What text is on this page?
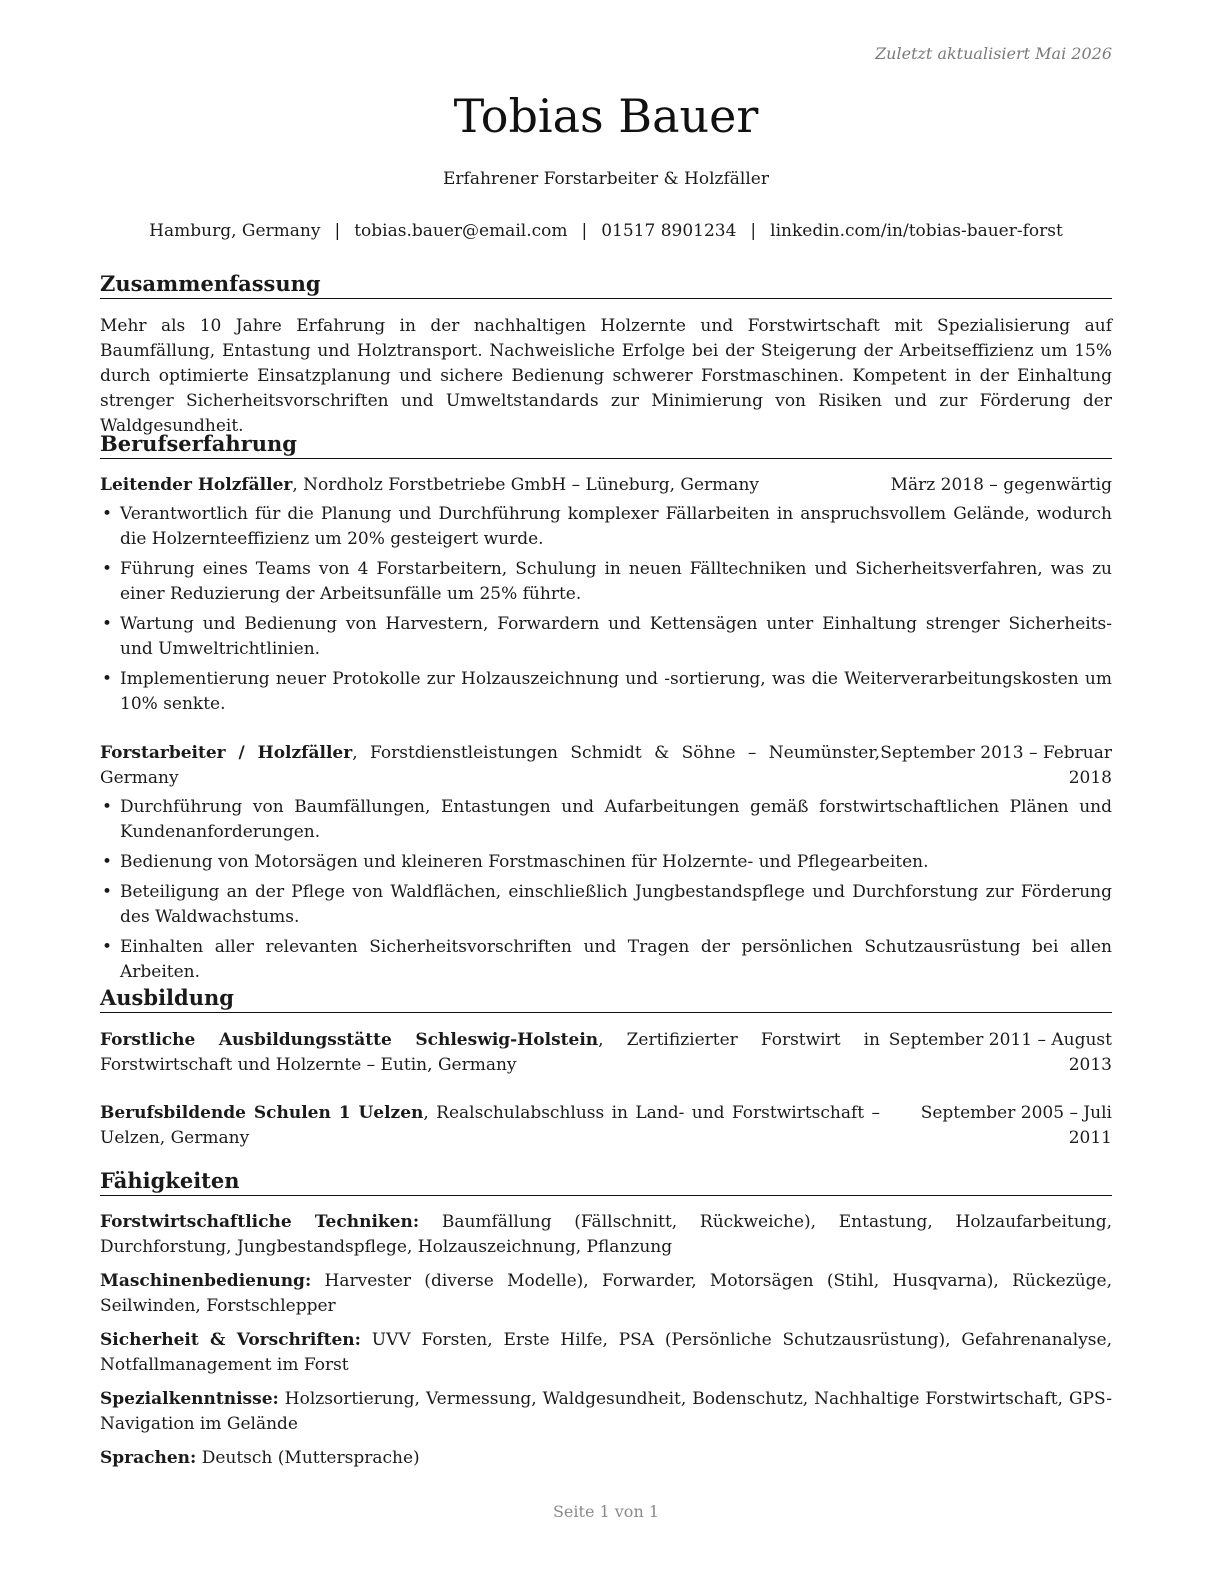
Zuletzt aktualisiert Mai 2026
Tobias Bauer
Erfahrener Forstarbeiter & Holzfäller
Hamburg, Germany | tobias.bauer@email.com | 01517 8901234 | linkedin.com/in/tobias-bauer-forst
Zusammenfassung
Mehr als 10 Jahre Erfahrung in der nachhaltigen Holzernte und Forstwirtschaft mit Spezialisierung auf Baumfällung, Entastung und Holztransport. Nachweisliche Erfolge bei der Steigerung der Arbeitseffizienz um 15% durch optimierte Einsatzplanung und sichere Bedienung schwerer Forstmaschinen. Kompetent in der Einhaltung strenger Sicherheitsvorschriften und Umweltstandards zur Minimierung von Risiken und zur Förderung der Waldgesundheit.
Berufserfahrung
Leitender Holzfäller, Nordholz Forstbetriebe GmbH – Lüneburg, Germany	März 2018 – gegenwärtig
• Verantwortlich für die Planung und Durchführung komplexer Fällarbeiten in anspruchsvollem Gelände, wodurch die Holzernteeffizienz um 20% gesteigert wurde.
• Führung eines Teams von 4 Forstarbeitern, Schulung in neuen Fälltechniken und Sicherheitsverfahren, was zu einer Reduzierung der Arbeitsunfälle um 25% führte.
• Wartung und Bedienung von Harvestern, Forwardern und Kettensägen unter Einhaltung strenger Sicherheits- und Umweltrichtlinien.
• Implementierung neuer Protokolle zur Holzauszeichnung und -sortierung, was die Weiterverarbeitungskosten um 10% senkte.
Forstarbeiter / Holzfäller, Forstdienstleistungen Schmidt & Söhne – Neumünster, Germany
September 2013 – Februar 2018
• Durchführung von Baumfällungen, Entastungen und Aufarbeitungen gemäß forstwirtschaftlichen Plänen und Kundenanforderungen.
• Bedienung von Motorsägen und kleineren Forstmaschinen für Holzernte- und Pflegearbeiten.
• Beteiligung an der Pflege von Waldflächen, einschließlich Jungbestandspflege und Durchforstung zur Förderung des Waldwachstums.
• Einhalten aller relevanten Sicherheitsvorschriften und Tragen der persönlichen Schutzausrüstung bei allen Arbeiten.
Ausbildung
Forstliche Ausbildungsstätte Schleswig-Holstein, Zertifizierter Forstwirt in Forstwirtschaft und Holzernte – Eutin, Germany
September 2011 – August 2013
Berufsbildende Schulen 1 Uelzen, Realschulabschluss in Land- und Forstwirtschaft – Uelzen, Germany
September 2005 – Juli 2011
Fähigkeiten
Forstwirtschaftliche Techniken: Baumfällung (Fällschnitt, Rückweiche), Entastung, Holzaufarbeitung, Durchforstung, Jungbestandspflege, Holzauszeichnung, Pflanzung
Maschinenbedienung: Harvester (diverse Modelle), Forwarder, Motorsägen (Stihl, Husqvarna), Rückezüge, Seilwinden, Forstschlepper
Sicherheit & Vorschriften: UVV Forsten, Erste Hilfe, PSA (Persönliche Schutzausrüstung), Gefahrenanalyse, Notfallmanagement im Forst
Spezialkenntnisse: Holzsortierung, Vermessung, Waldgesundheit, Bodenschutz, Nachhaltige Forstwirtschaft, GPS-Navigation im Gelände
Sprachen: Deutsch (Muttersprache)
Seite 1 von 1
